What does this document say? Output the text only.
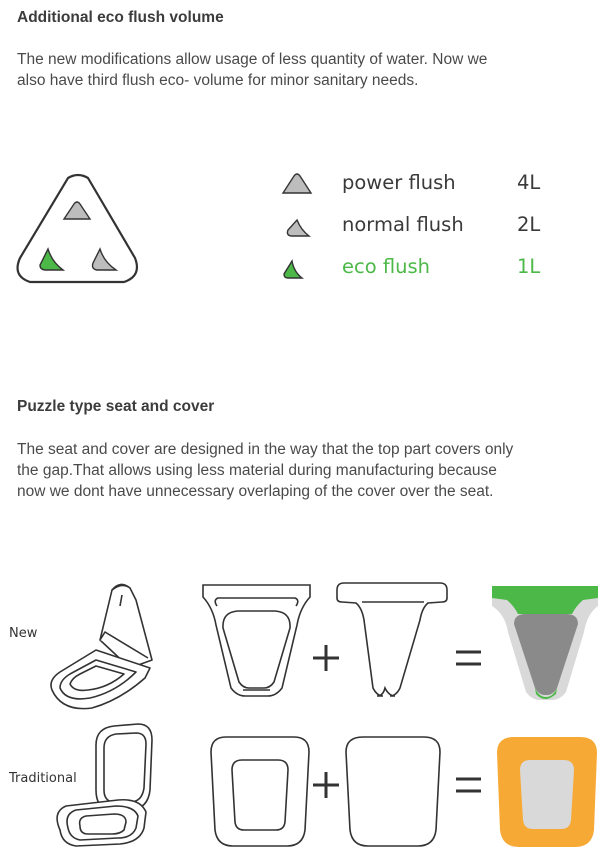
Additional eco flush volume

The new modifications allow usage of less quantity of water. Now we

also have third flush eco- volume for minor sanitary needs.

power flush	4L
normal flush	2L
eco flush	1L
Puzzle type seat and cover

The seat and cover are designed in the way that the top part covers only

the gap.That allows using less material during manufacturing because

now we dont have unnecessary overlaping of the cover over the seat.

New
Traditional
